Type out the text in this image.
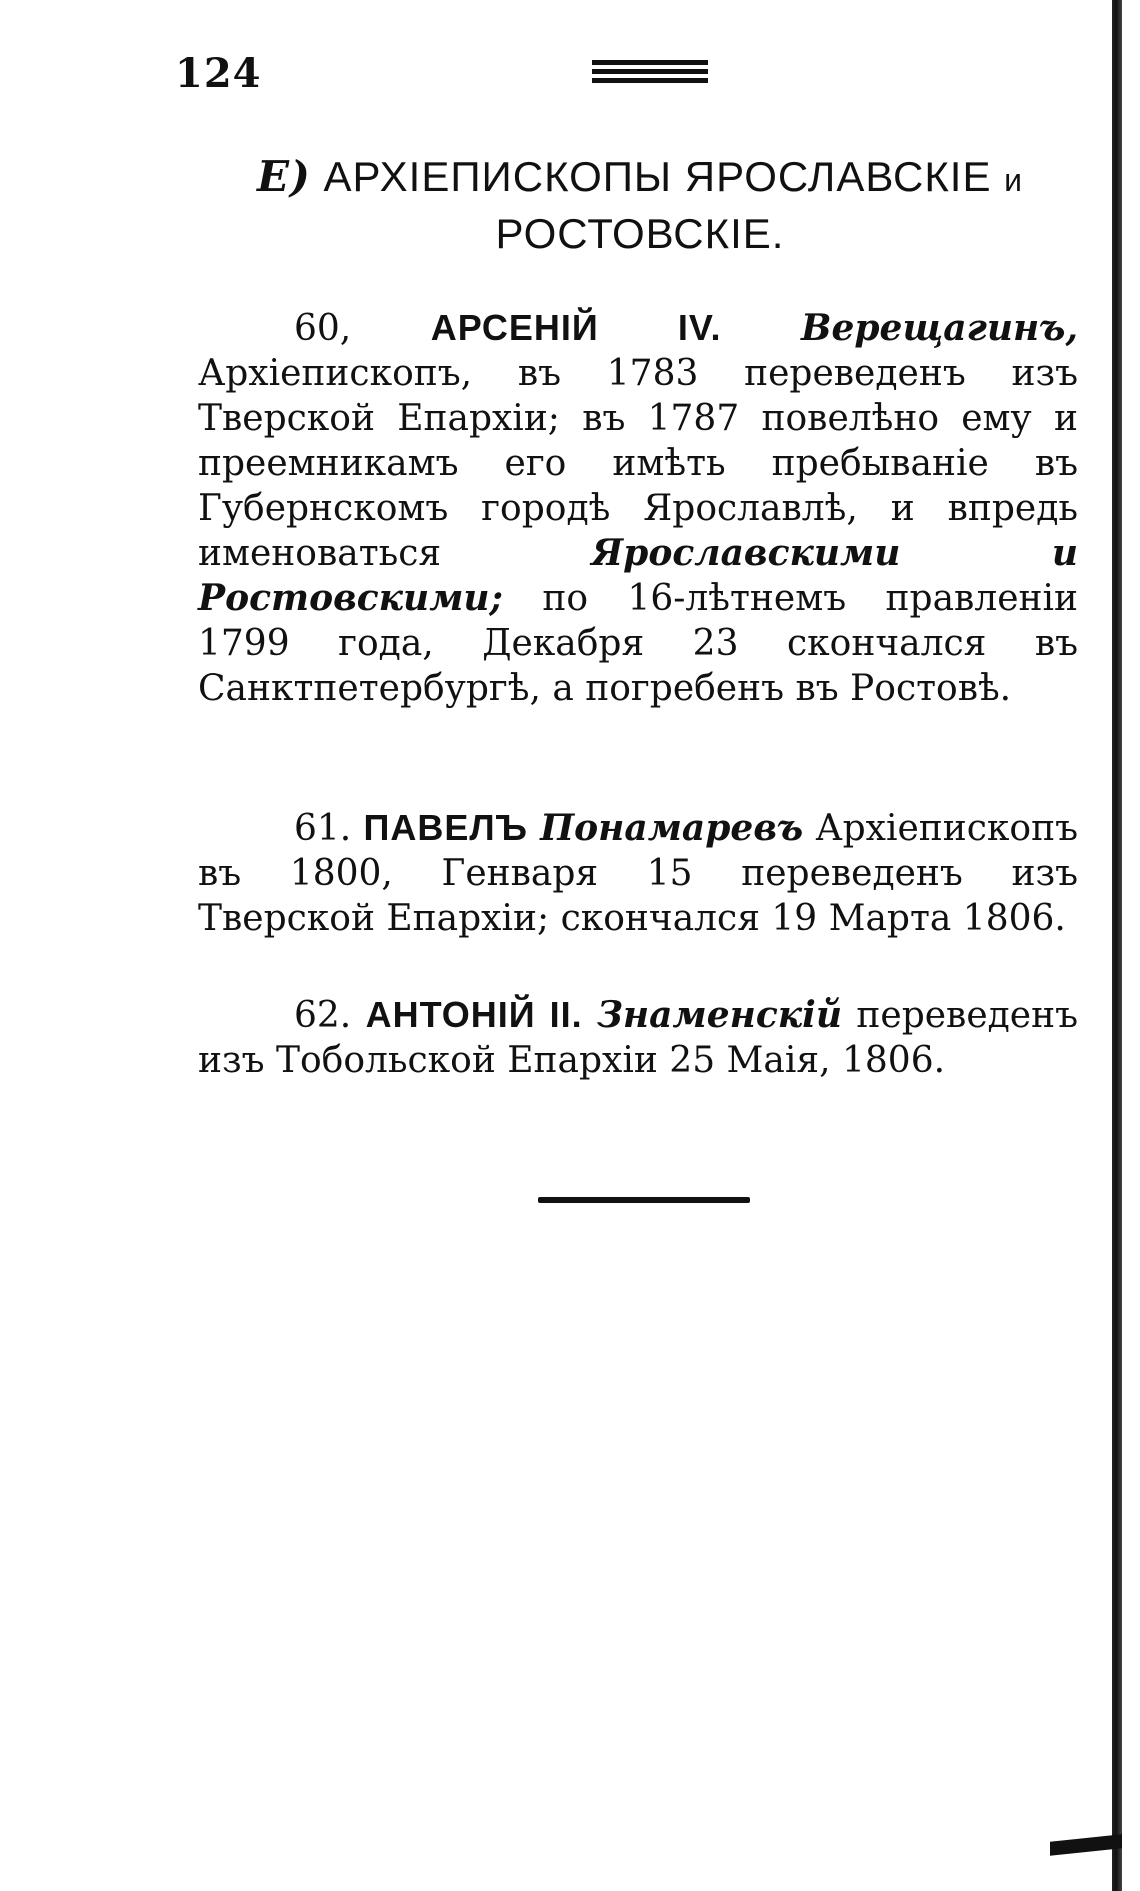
124
Е) АРХІЕПИСКОПЫ ЯРОСЛАВСКІЕ и
РОСТОВСКІЕ.

60, АРСЕНІЙ IV. Верещагинъ, Архіепископъ, въ 1783 переведенъ изъ Тверской Епархіи; въ 1787 повелѣно ему и преемникамъ его имѣть пребываніе въ Губернскомъ городѣ Ярославлѣ, и впредь именоваться	Ярославскими и Ростовскими; по 16-лѣтнемъ правленіи 1799 года, Декабря 23 скончался въ Санктпетербургѣ, а погребенъ въ Ростовѣ.

61. ПАВЕЛЪ Понамаревъ Архіепископъ въ 1800, Генваря 15 переведенъ изъ Тверской Епархіи; скончался 19 Марта 1806.

62. АНТОНІЙ II. Знаменскій переведенъ изъ Тобольской Епархіи 25 Маія, 1806.
